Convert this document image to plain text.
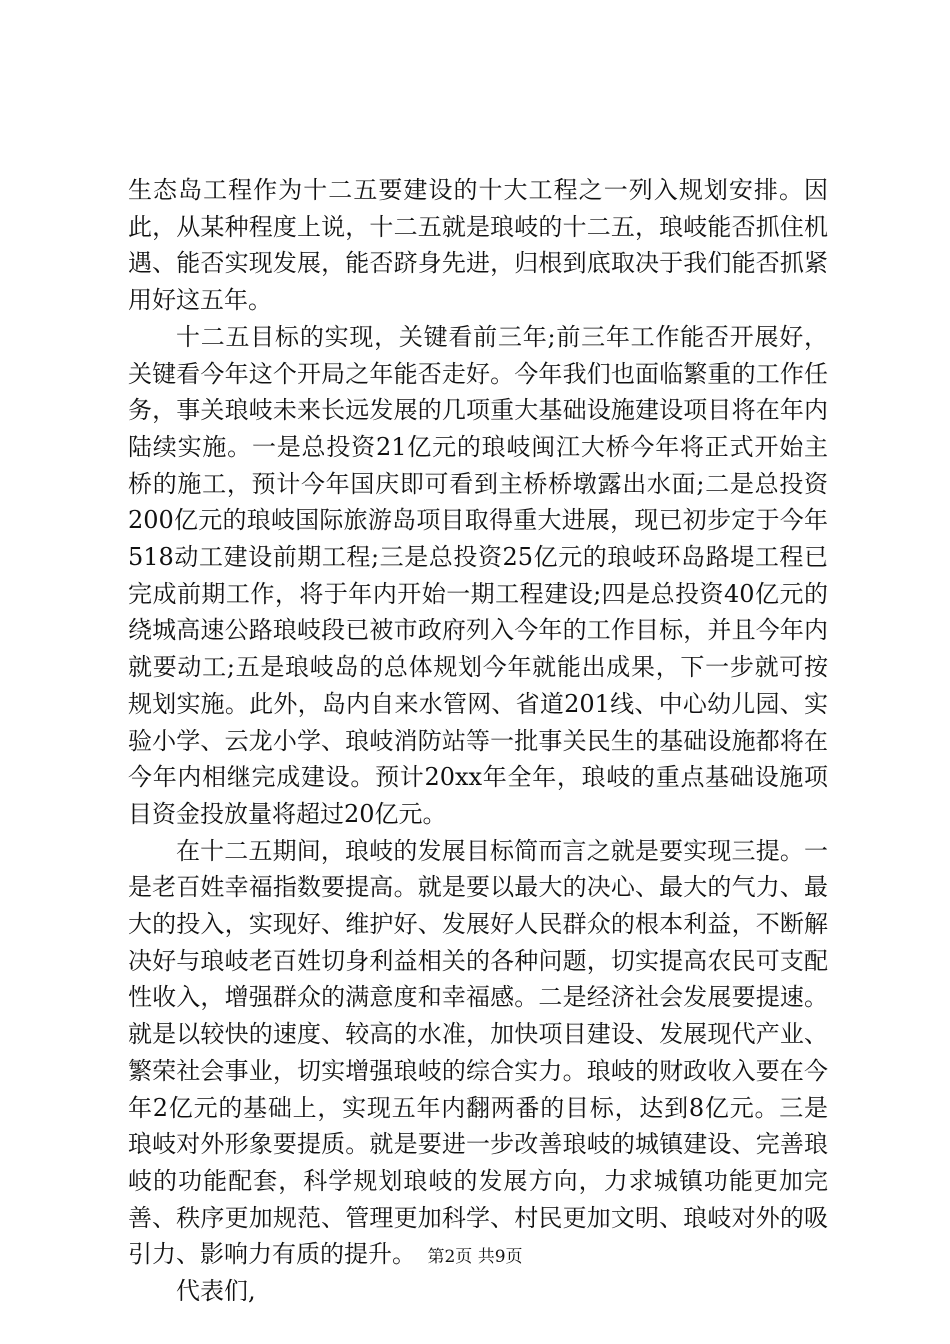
生态岛工程作为十二五要建设的十大工程之一列入规划安排。因此，从某种程度上说，十二五就是琅岐的十二五，琅岐能否抓住机遇、能否实现发展，能否跻身先进，归根到底取决于我们能否抓紧用好这五年。

十二五目标的实现，关键看前三年;前三年工作能否开展好，关键看今年这个开局之年能否走好。今年我们也面临繁重的工作任务，事关琅岐未来长远发展的几项重大基础设施建设项目将在年内陆续实施。一是总投资21亿元的琅岐闽江大桥今年将正式开始主桥的施工，预计今年国庆即可看到主桥桥墩露出水面;二是总投资200亿元的琅岐国际旅游岛项目取得重大进展，现已初步定于今年518动工建设前期工程;三是总投资25亿元的琅岐环岛路堤工程已完成前期工作，将于年内开始一期工程建设;四是总投资40亿元的绕城高速公路琅岐段已被市政府列入今年的工作目标，并且今年内就要动工;五是琅岐岛的总体规划今年就能出成果，下一步就可按规划实施。此外，岛内自来水管网、省道201线、中心幼儿园、实验小学、云龙小学、琅岐消防站等一批事关民生的基础设施都将在今年内相继完成建设。预计20xx年全年，琅岐的重点基础设施项目资金投放量将超过20亿元。

在十二五期间，琅岐的发展目标简而言之就是要实现三提。一是老百姓幸福指数要提高。就是要以最大的决心、最大的气力、最大的投入，实现好、维护好、发展好人民群众的根本利益，不断解决好与琅岐老百姓切身利益相关的各种问题，切实提高农民可支配性收入，增强群众的满意度和幸福感。二是经济社会发展要提速。就是以较快的速度、较高的水准，加快项目建设、发展现代产业、繁荣社会事业，切实增强琅岐的综合实力。琅岐的财政收入要在今年2亿元的基础上，实现五年内翻两番的目标，达到8亿元。三是琅岐对外形象要提质。就是要进一步改善琅岐的城镇建设、完善琅岐的功能配套，科学规划琅岐的发展方向，力求城镇功能更加完善、秩序更加规范、管理更加科学、村民更加文明、琅岐对外的吸引力、影响力有质的提升。

代表们,

第2页 共9页
